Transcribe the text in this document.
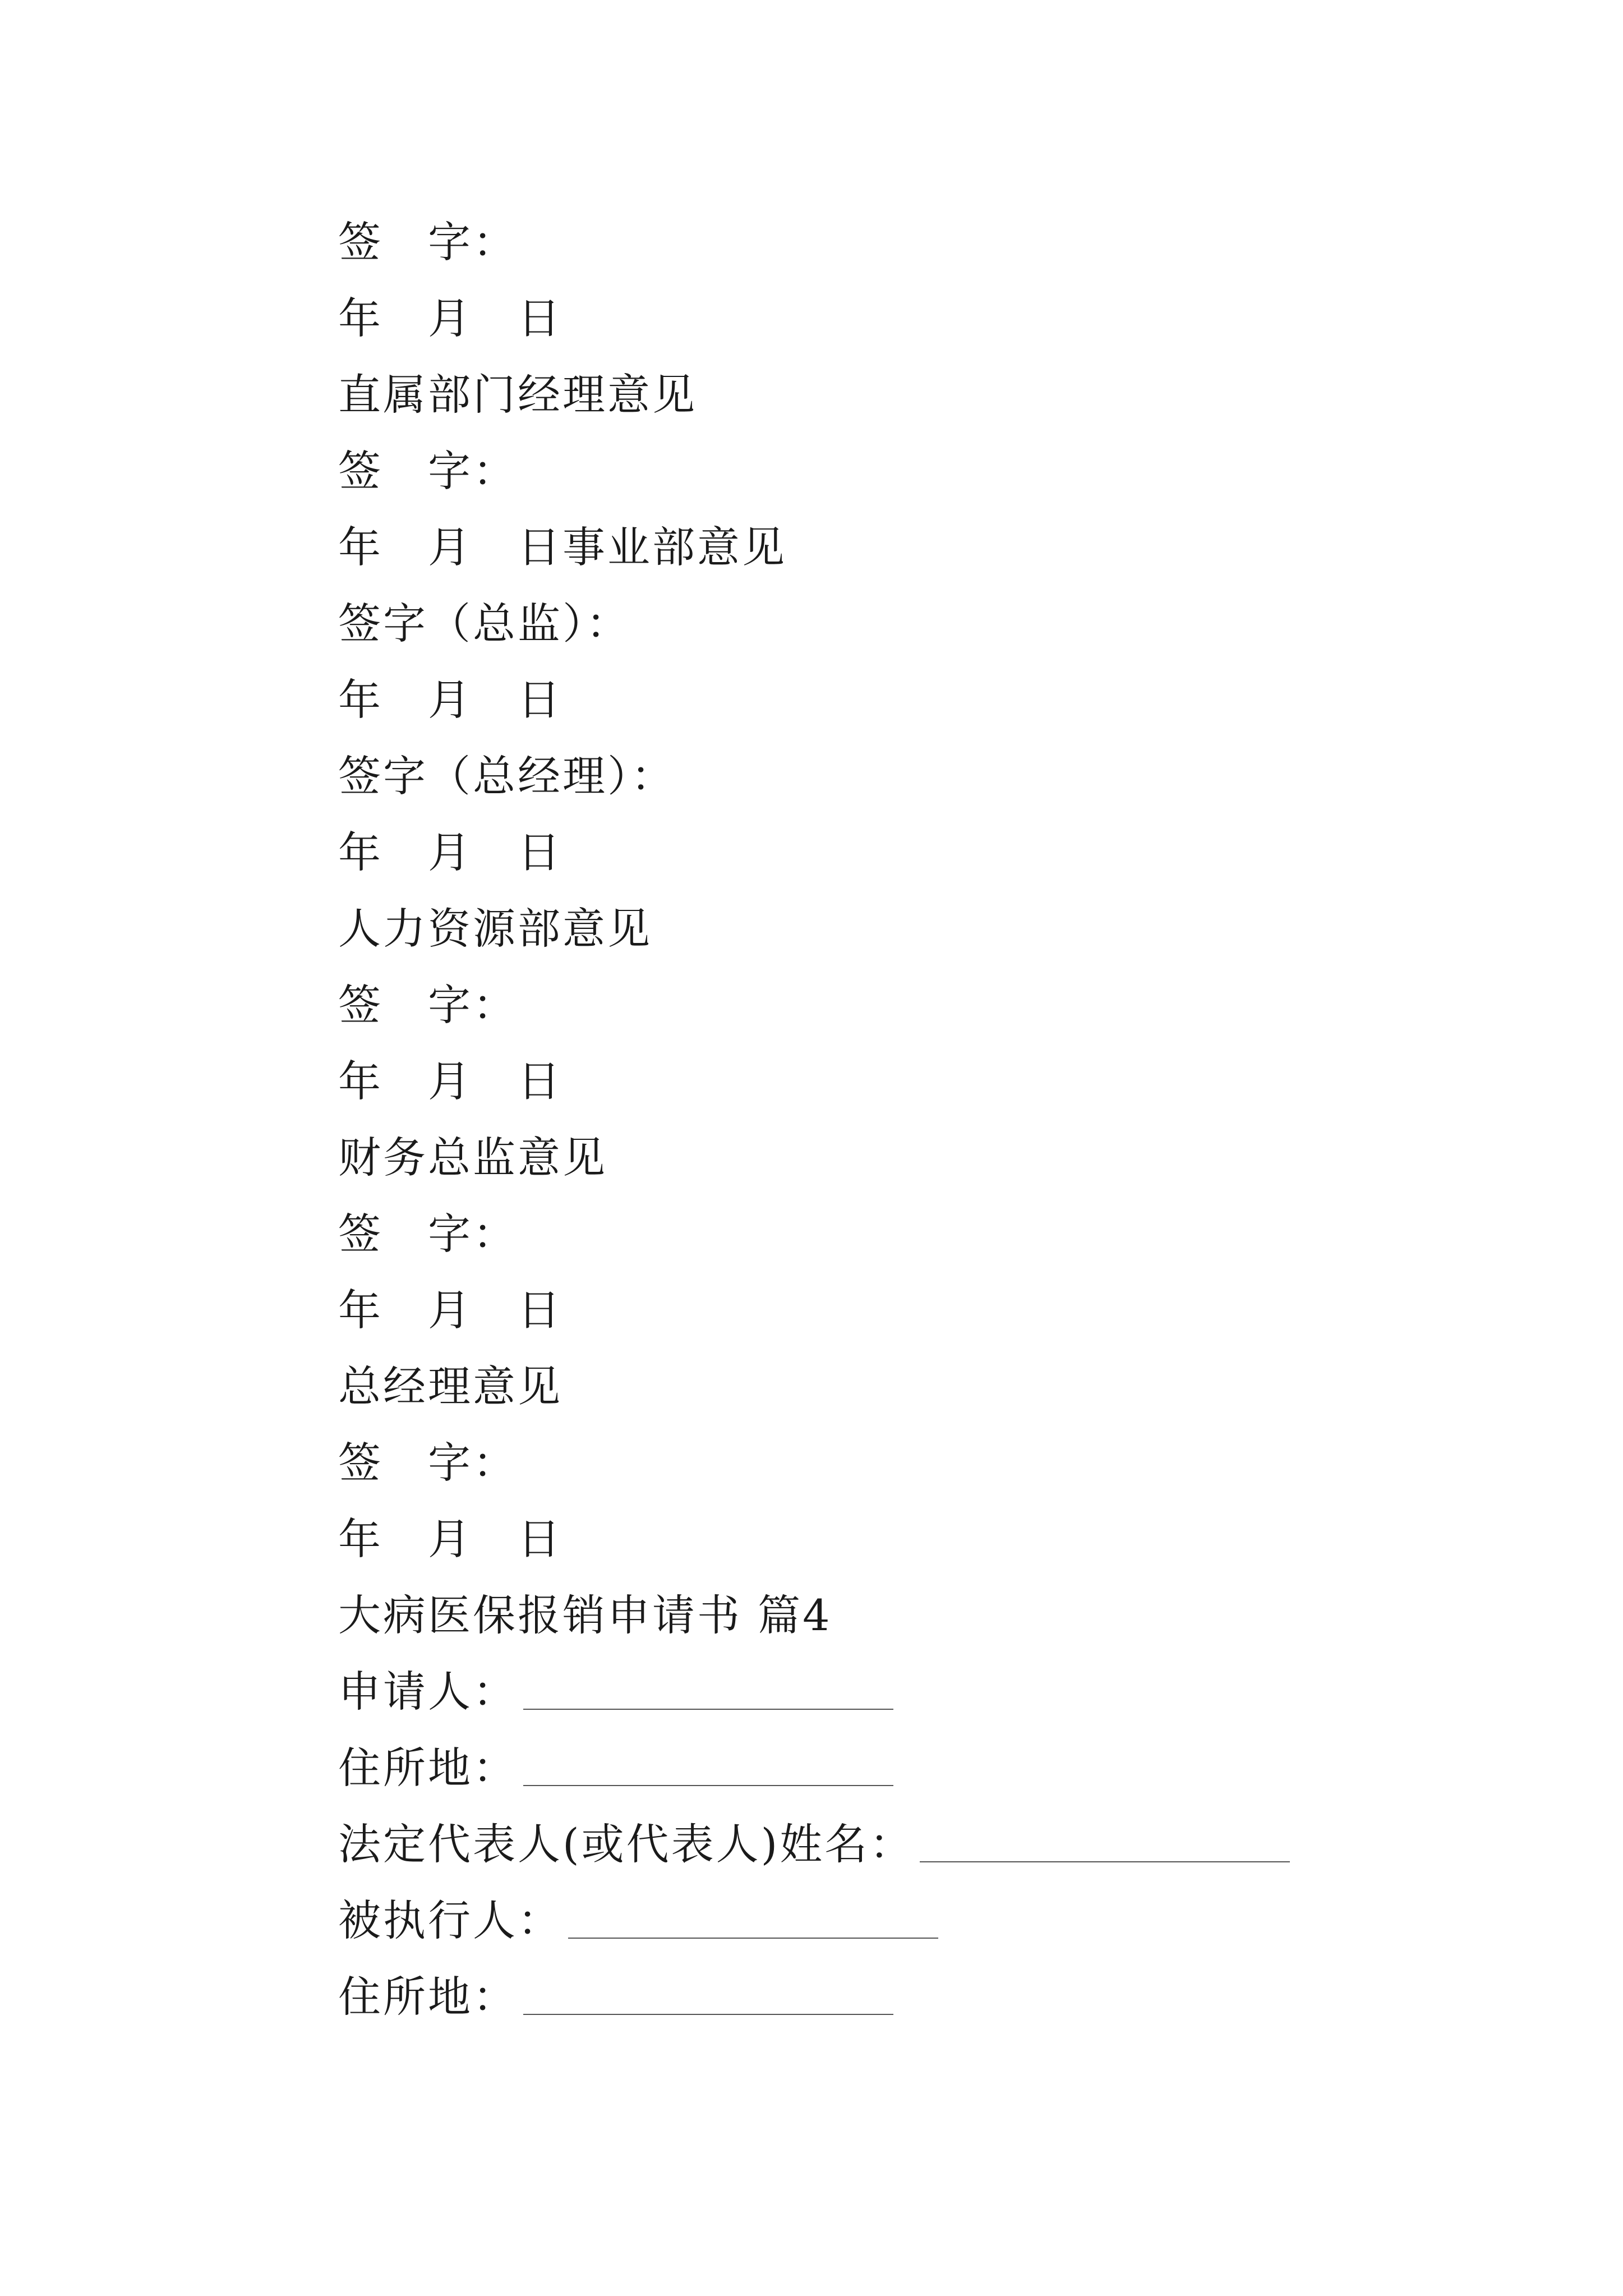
签　字：
年　月　日
直属部门经理意见
签　字：
年　月　日事业部意见
签字（总监）：
年　月　日
签字（总经理）：
年　月　日
人力资源部意见
签　字：
年　月　日
财务总监意见
签　字：
年　月　日
总经理意见
签　字：
年　月　日
大病医保报销申请书 篇4
申请人：
住所地：
法定代表人(或代表人)姓名：
被执行人：
住所地：
